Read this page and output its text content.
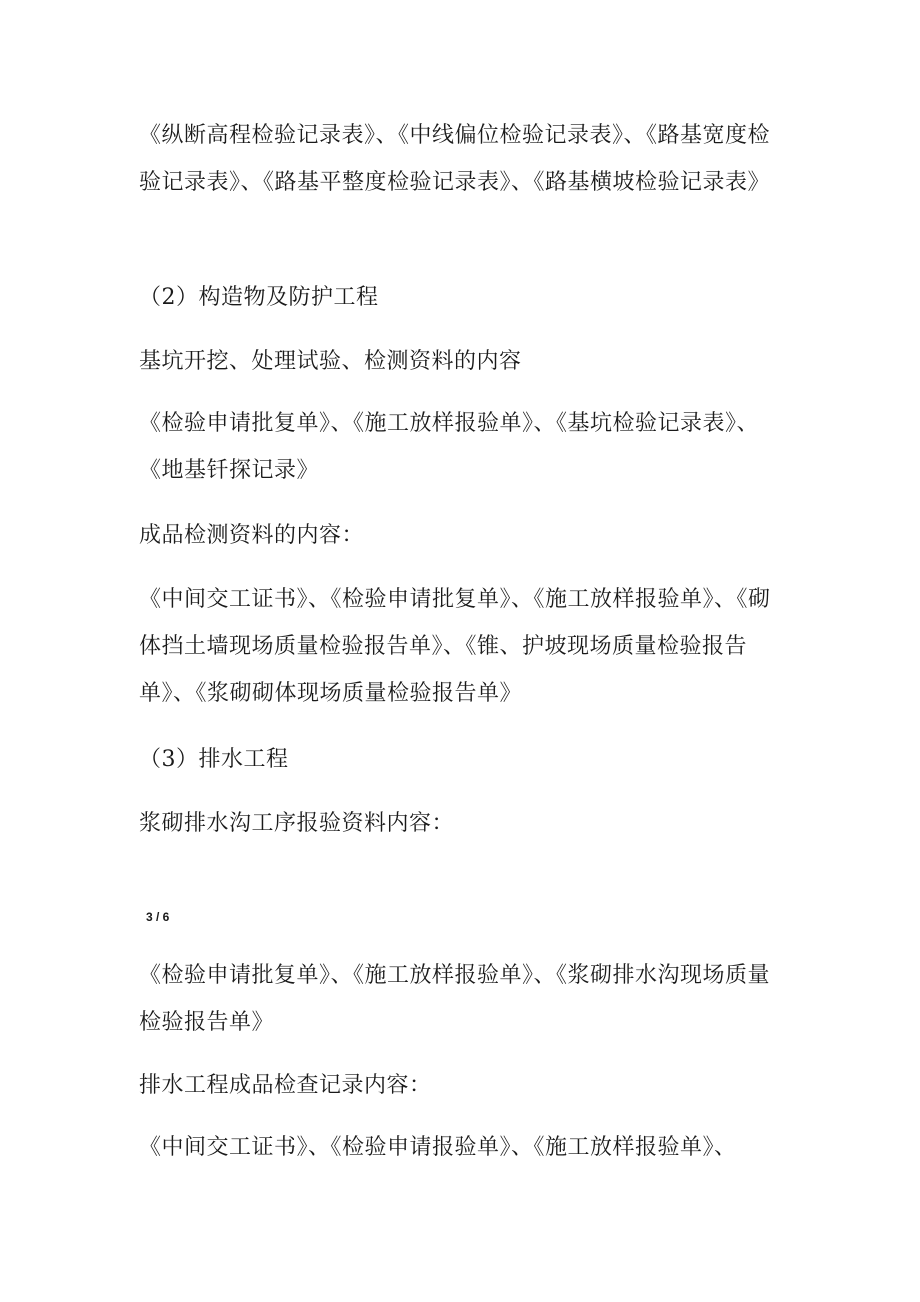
《纵断高程检验记录表》、《中线偏位检验记录表》、《路基宽度检验记录表》、《路基平整度检验记录表》、《路基横坡检验记录表》

（2）构造物及防护工程

基坑开挖、处理试验、检测资料的内容

《检验申请批复单》、《施工放样报验单》、《基坑检验记录表》、《地基钎探记录》

成品检测资料的内容：

《中间交工证书》、《检验申请批复单》、《施工放样报验单》、《砌体挡土墙现场质量检验报告单》、《锥、护坡现场质量检验报告单》、《浆砌砌体现场质量检验报告单》

（3）排水工程

浆砌排水沟工序报验资料内容：

3 / 6

《检验申请批复单》、《施工放样报验单》、《浆砌排水沟现场质量检验报告单》

排水工程成品检查记录内容：

《中间交工证书》、《检验申请报验单》、《施工放样报验单》、
